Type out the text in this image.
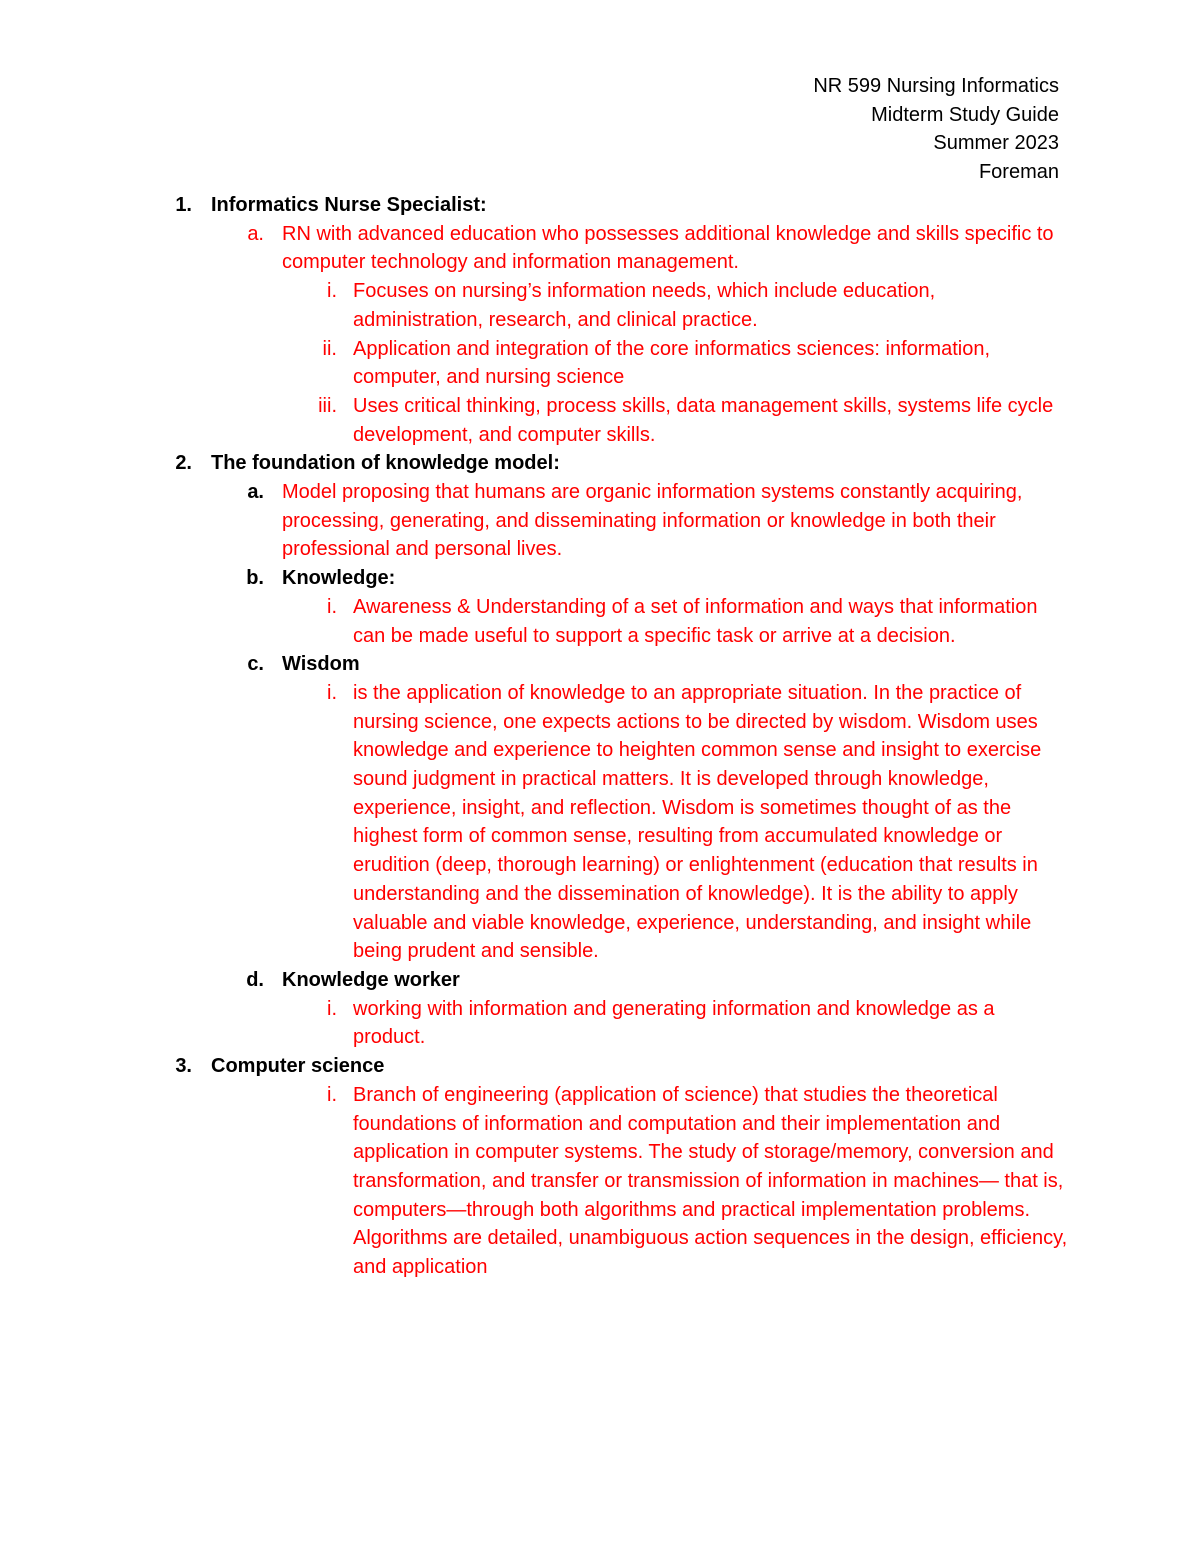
NR 599 Nursing Informatics
Midterm Study Guide
Summer 2023
Foreman
1. Informatics Nurse Specialist:
a. RN with advanced education who possesses additional knowledge and skills specific to computer technology and information management.
i. Focuses on nursing’s information needs, which include education, administration, research, and clinical practice.
ii. Application and integration of the core informatics sciences: information, computer, and nursing science
iii. Uses critical thinking, process skills, data management skills, systems life cycle development, and computer skills.
2. The foundation of knowledge model:
a. Model proposing that humans are organic information systems constantly acquiring, processing, generating, and disseminating information or knowledge in both their professional and personal lives.
b. Knowledge:
i. Awareness & Understanding of a set of information and ways that information can be made useful to support a specific task or arrive at a decision.
c. Wisdom
i. is the application of knowledge to an appropriate situation. In the practice of nursing science, one expects actions to be directed by wisdom. Wisdom uses knowledge and experience to heighten common sense and insight to exercise sound judgment in practical matters. It is developed through knowledge, experience, insight, and reflection. Wisdom is sometimes thought of as the highest form of common sense, resulting from accumulated knowledge or erudition (deep, thorough learning) or enlightenment (education that results in understanding and the dissemination of knowledge). It is the ability to apply valuable and viable knowledge, experience, understanding, and insight while being prudent and sensible.
d. Knowledge worker
i. working with information and generating information and knowledge as a product.
3. Computer science
i. Branch of engineering (application of science) that studies the theoretical foundations of information and computation and their implementation and application in computer systems. The study of storage/memory, conversion and transformation, and transfer or transmission of information in machines— that is, computers—through both algorithms and practical implementation problems. Algorithms are detailed, unambiguous action sequences in the design, efficiency, and application
